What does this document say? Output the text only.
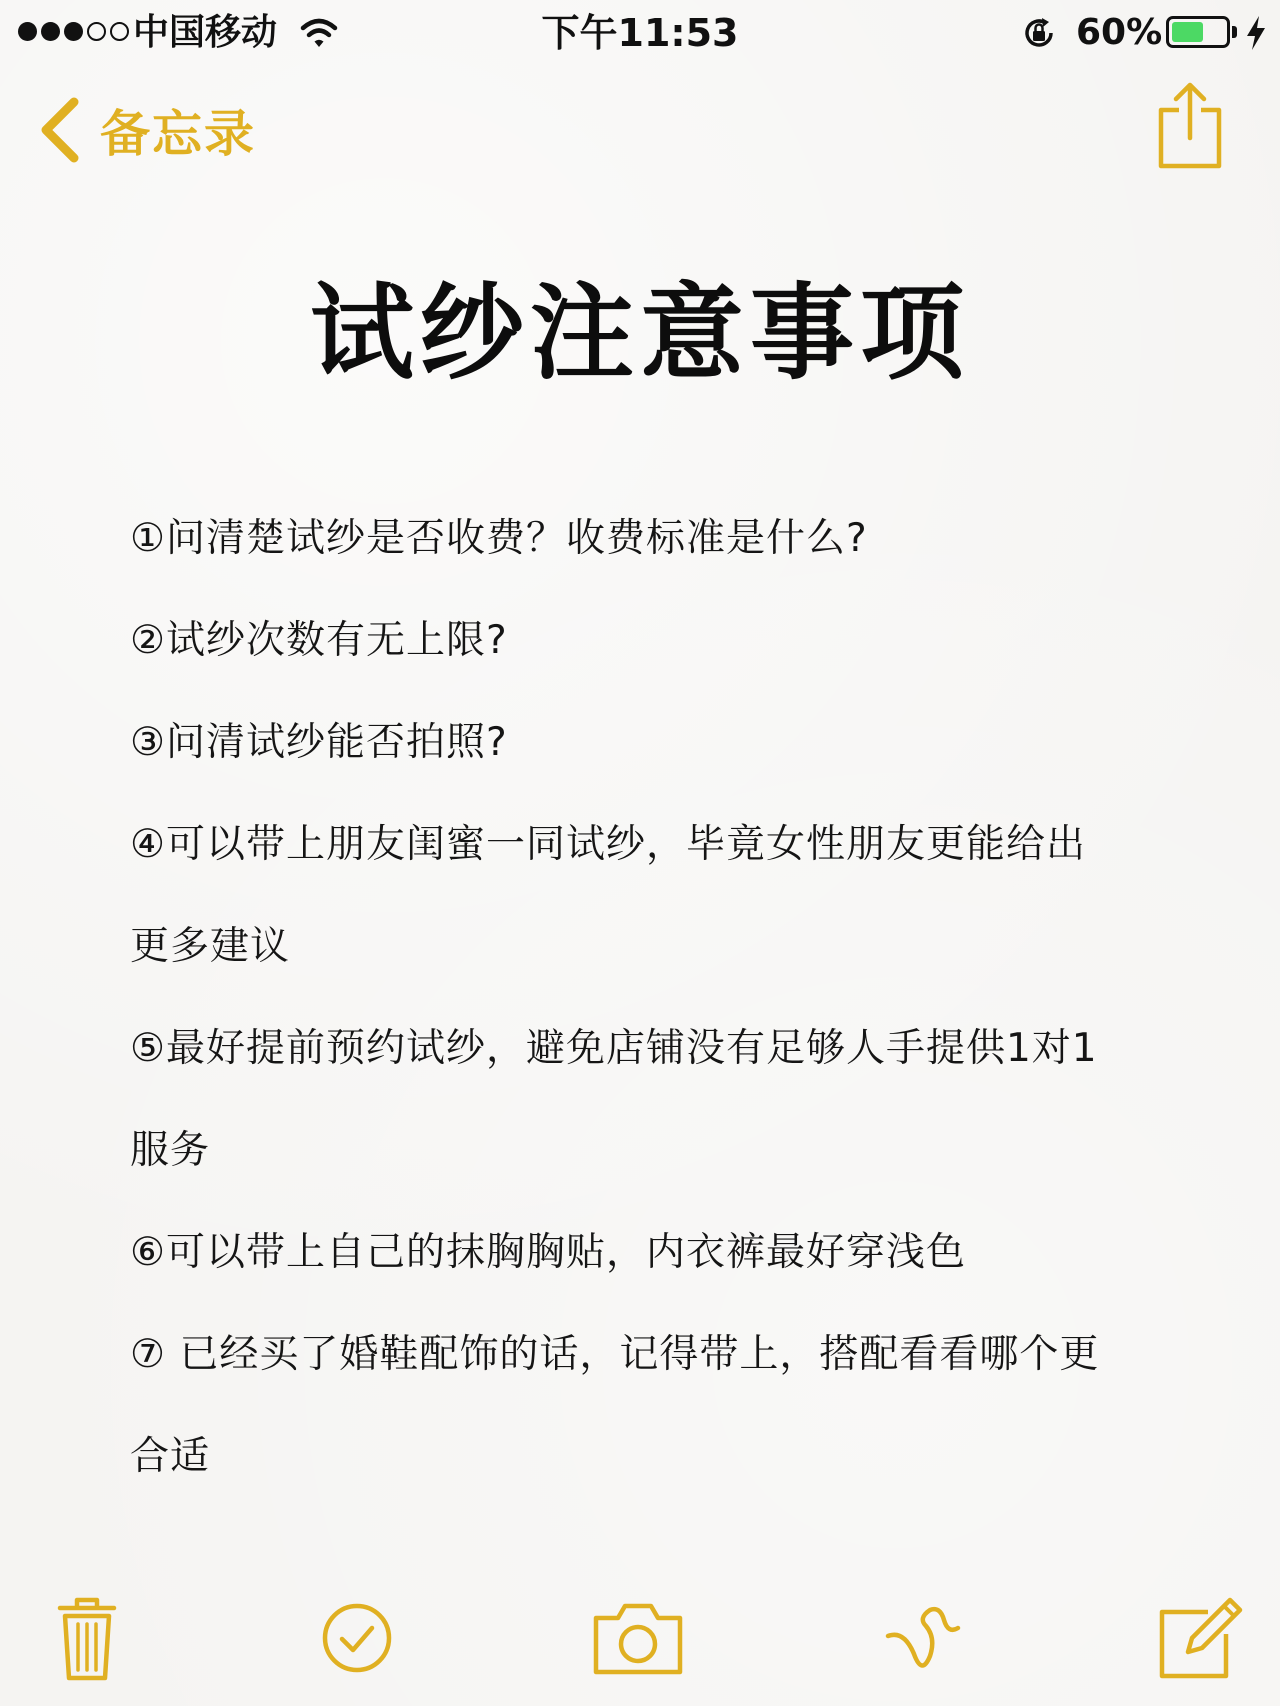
中国移动	下午11:53	60%
备忘录
试纱注意事项
①问清楚试纱是否收费？收费标准是什么?
②试纱次数有无上限?
③问清试纱能否拍照?
④可以带上朋友闺蜜一同试纱，毕竟女性朋友更能给出
更多建议
⑤最好提前预约试纱，避免店铺没有足够人手提供1对1
服务
⑥可以带上自己的抹胸胸贴，内衣裤最好穿浅色
⑦ 已经买了婚鞋配饰的话，记得带上，搭配看看哪个更
合适
